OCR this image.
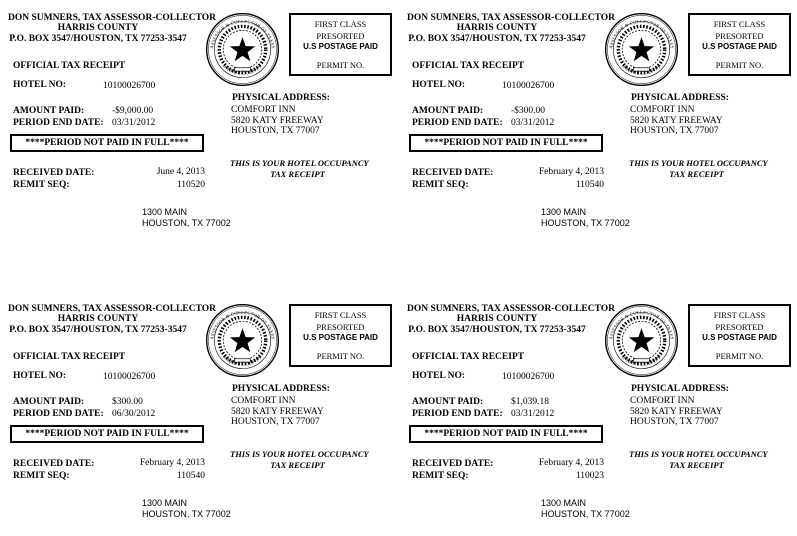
DON SUMNERS, TAX ASSESSOR-COLLECTOR
HARRIS COUNTY
P.O. BOX 3547/HOUSTON, TX 77253-3547
ASSESSOR & COLLECTOR OF TAXES
HARRIS COUNTY
FIRST CLASS
PRESORTED
U.S POSTAGE PAID
PERMIT NO.
OFFICIAL TAX RECEIPT
HOTEL NO:	10100026700
AMOUNT PAID:	-$9,000.00
PERIOD END DATE: 03/31/2012
****PERIOD NOT PAID IN FULL****
RECEIVED DATE:	June 4, 2013
REMIT SEQ:	110520
PHYSICAL ADDRESS:
COMFORT INN
5820 KATY FREEWAY
HOUSTON, TX 77007
THIS IS YOUR HOTEL OCCUPANCY
TAX RECEIPT
1300 MAIN
HOUSTON, TX 77002
DON SUMNERS, TAX ASSESSOR-COLLECTOR
HARRIS COUNTY
P.O. BOX 3547/HOUSTON, TX 77253-3547
ASSESSOR & COLLECTOR OF TAXES
HARRIS COUNTY
FIRST CLASS
PRESORTED
U.S POSTAGE PAID
PERMIT NO.
OFFICIAL TAX RECEIPT
HOTEL NO:	10100026700
AMOUNT PAID:	-$300.00
PERIOD END DATE: 03/31/2012
****PERIOD NOT PAID IN FULL****
RECEIVED DATE:	February 4, 2013
REMIT SEQ:	110540
PHYSICAL ADDRESS:
COMFORT INN
5820 KATY FREEWAY
HOUSTON, TX 77007
THIS IS YOUR HOTEL OCCUPANCY
TAX RECEIPT
1300 MAIN
HOUSTON, TX 77002
DON SUMNERS, TAX ASSESSOR-COLLECTOR
HARRIS COUNTY
P.O. BOX 3547/HOUSTON, TX 77253-3547
ASSESSOR & COLLECTOR OF TAXES
HARRIS COUNTY
FIRST CLASS
PRESORTED
U.S POSTAGE PAID
PERMIT NO.
OFFICIAL TAX RECEIPT
HOTEL NO:	10100026700
AMOUNT PAID:	$300.00
PERIOD END DATE: 06/30/2012
****PERIOD NOT PAID IN FULL****
RECEIVED DATE:	February 4, 2013
REMIT SEQ:	110540
PHYSICAL ADDRESS:
COMFORT INN
5820 KATY FREEWAY
HOUSTON, TX 77007
THIS IS YOUR HOTEL OCCUPANCY
TAX RECEIPT
1300 MAIN
HOUSTON, TX 77002
DON SUMNERS, TAX ASSESSOR-COLLECTOR
HARRIS COUNTY
P.O. BOX 3547/HOUSTON, TX 77253-3547
ASSESSOR & COLLECTOR OF TAXES
HARRIS COUNTY
FIRST CLASS
PRESORTED
U.S POSTAGE PAID
PERMIT NO.
OFFICIAL TAX RECEIPT
HOTEL NO:	10100026700
AMOUNT PAID:	$1,039.18
PERIOD END DATE: 03/31/2012
****PERIOD NOT PAID IN FULL****
RECEIVED DATE:	February 4, 2013
REMIT SEQ:	110023
PHYSICAL ADDRESS:
COMFORT INN
5820 KATY FREEWAY
HOUSTON, TX 77007
THIS IS YOUR HOTEL OCCUPANCY
TAX RECEIPT
1300 MAIN
HOUSTON, TX 77002
